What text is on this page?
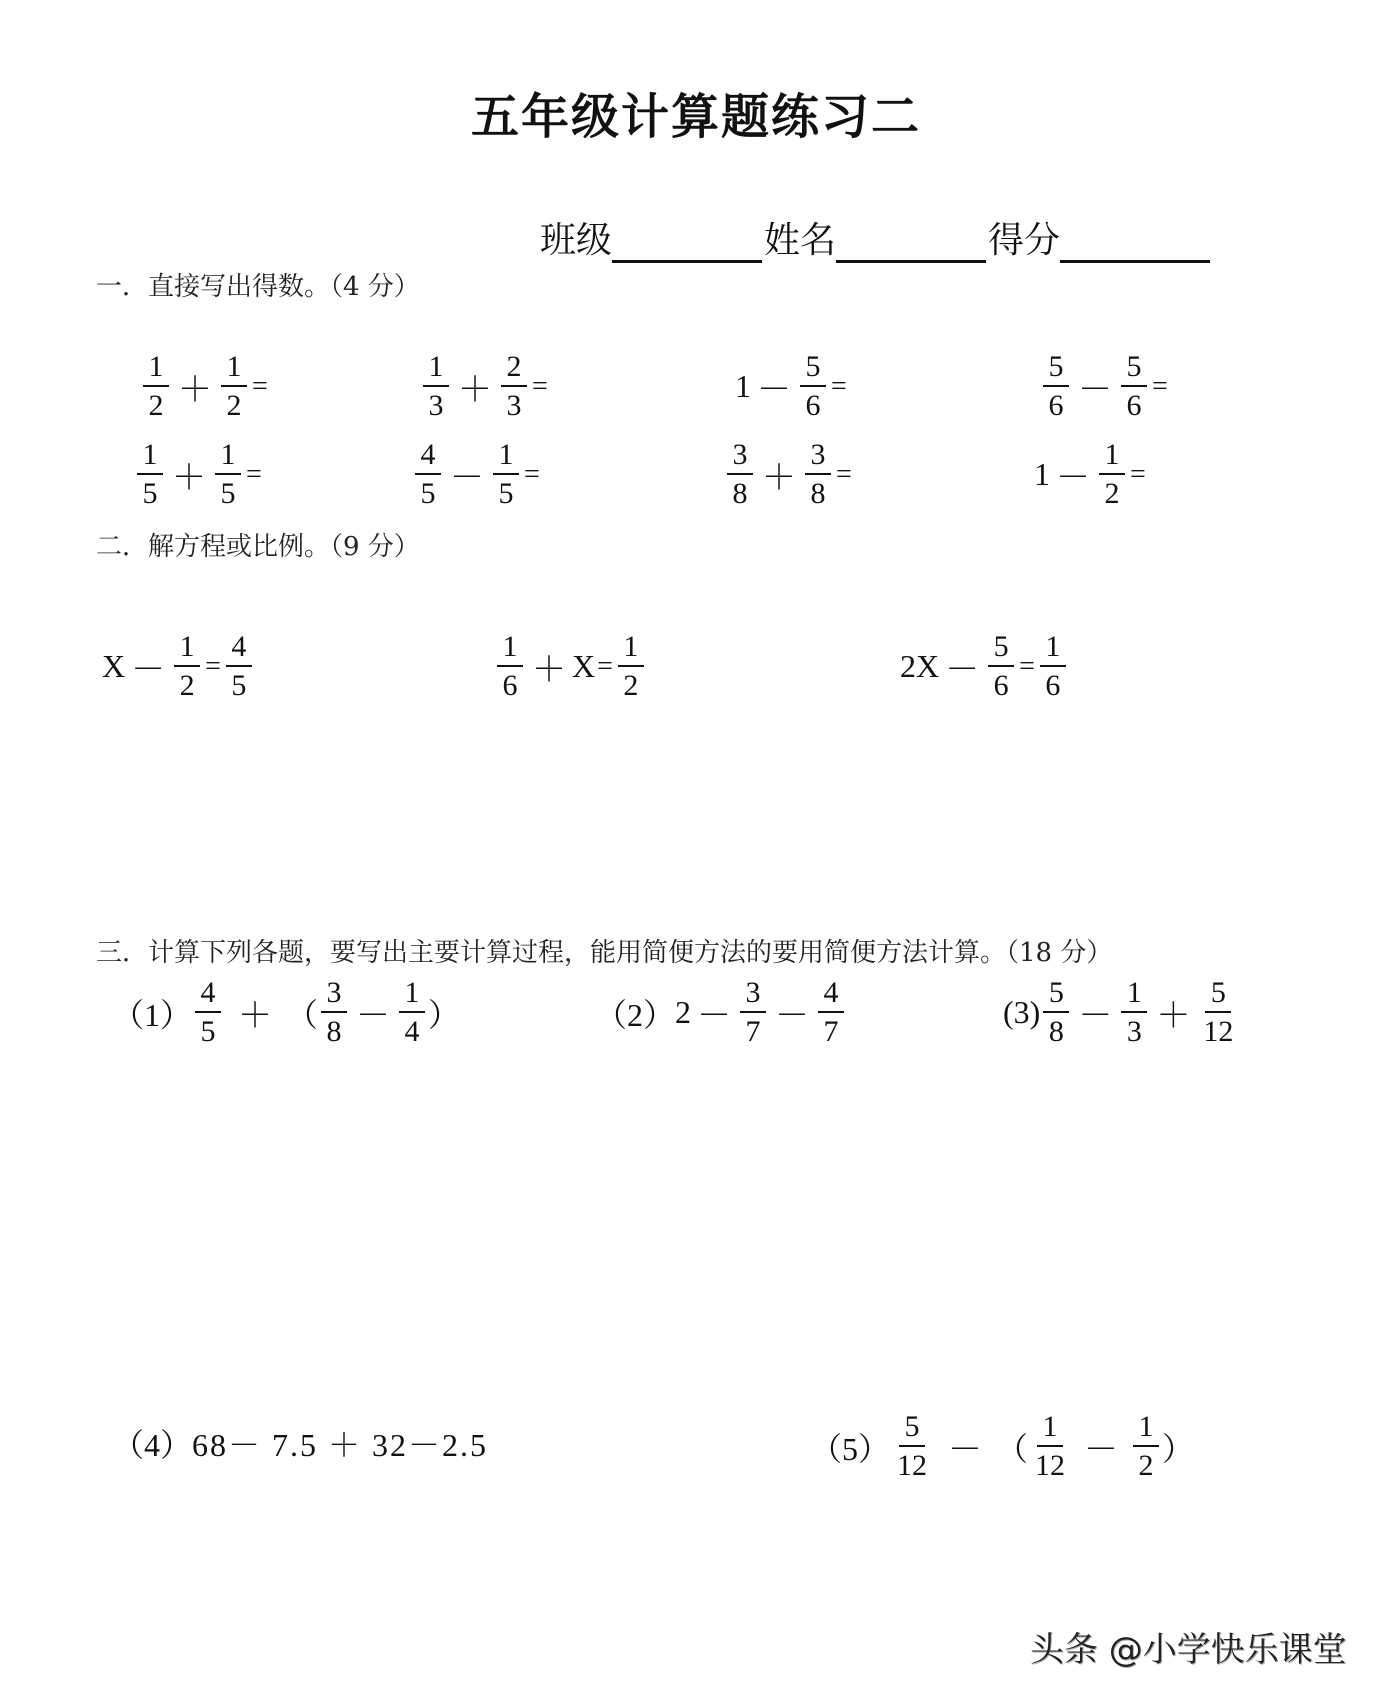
五年级计算题练习二
班级	姓名	得分
一．直接写出得数。（4 分）
$\frac{1}{2} + \frac{1}{2}$ =	$\frac{1}{3} + \frac{2}{3}$ =	$1 - \frac{5}{6}$ =	$\frac{5}{6} - \frac{5}{6}$ =
$\frac{1}{5} + \frac{1}{5}$ =	$\frac{4}{5} - \frac{1}{5}$ =	$\frac{3}{8} + \frac{3}{8}$ =	$1 - \frac{1}{2}$ =
二．解方程或比例。（9 分）
$X - \frac{1}{2} = \frac{4}{5}$	$\frac{1}{6} + X = \frac{1}{2}$	$2X - \frac{5}{6} = \frac{1}{6}$
三．计算下列各题，要写出主要计算过程，能用简便方法的要用简便方法计算。（18 分）
$(1) \frac{4}{5}$ ＋ （ $\frac{3}{8} - \frac{1}{4}$ ）	（2） $2 - \frac{3}{7} - \frac{4}{7}$	$(3) \frac{5}{8} - \frac{1}{3} + \frac{5}{12}$
（4） 68－ 7.5 ＋ 32－2.5	$(5) \frac{5}{12}$ － （ $\frac{1}{12} - \frac{1}{2}$ ）
头条 @小学快乐课堂
